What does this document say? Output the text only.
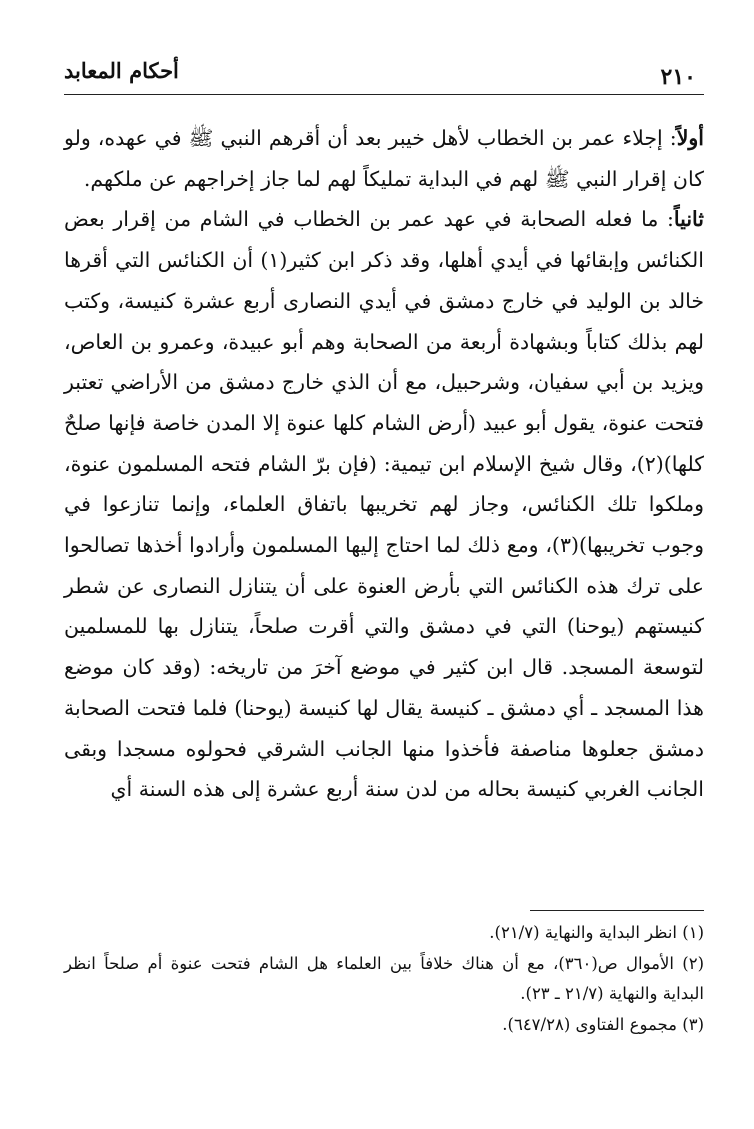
أحكام المعابد	٢١٠

أولاً: إجلاء عمر بن الخطاب لأهل خيبر بعد أن أقرهم النبي ﷺ في عهده، ولو كان إقرار النبي ﷺ لهم في البداية تمليكاً لهم لما جاز إخراجهم عن ملكهم.

ثانياً: ما فعله الصحابة في عهد عمر بن الخطاب في الشام من إقرار بعض الكنائس وإبقائها في أيدي أهلها، وقد ذكر ابن كثير(١) أن الكنائس التي أقرها خالد بن الوليد في خارج دمشق في أيدي النصارى أربع عشرة كنيسة، وكتب لهم بذلك كتاباً وبشهادة أربعة من الصحابة وهم أبو عبيدة، وعمرو بن العاص، ويزيد بن أبي سفيان، وشرحبيل، مع أن الذي خارج دمشق من الأراضي تعتبر فتحت عنوة، يقول أبو عبيد (أرض الشام كلها عنوة إلا المدن خاصة فإنها صلحٌ كلها)(٢)، وقال شيخ الإسلام ابن تيمية: (فإن برّ الشام فتحه المسلمون عنوة، وملكوا تلك الكنائس، وجاز لهم تخريبها باتفاق العلماء، وإنما تنازعوا في وجوب تخريبها)(٣)، ومع ذلك لما احتاج إليها المسلمون وأرادوا أخذها تصالحوا على ترك هذه الكنائس التي بأرض العنوة على أن يتنازل النصارى عن شطر كنيستهم (يوحنا) التي في دمشق والتي أقرت صلحاً، يتنازل بها للمسلمين لتوسعة المسجد. قال ابن كثير في موضع آخرَ من تاريخه: (وقد كان موضع هذا المسجد ـ أي دمشق ـ كنيسة يقال لها كنيسة (يوحنا) فلما فتحت الصحابة دمشق جعلوها مناصفة فأخذوا منها الجانب الشرقي فحولوه مسجدا وبقى الجانب الغربي كنيسة بحاله من لدن سنة أربع عشرة إلى هذه السنة أي

(١) انظر البداية والنهاية (٢١/٧).

(٢) الأموال ص(٣٦٠)، مع أن هناك خلافاً بين العلماء هل الشام فتحت عنوة أم صلحاً انظر البداية والنهاية (٢١/٧ ـ ٢٣).

(٣) مجموع الفتاوى (٦٤٧/٢٨).
